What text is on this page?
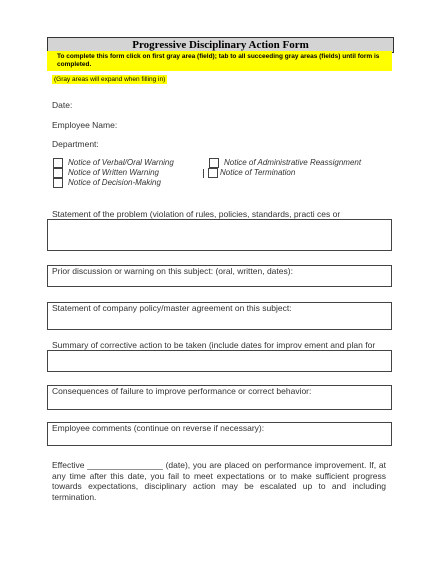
Progressive Disciplinary Action Form
To complete this form click on first gray area (field); tab to all succeeding gray areas (fields) until form is completed.
(Gray areas will expand when filling in)
Date:
Employee Name:
Department:
Notice of Verbal/Oral Warning
Notice of Written Warning
Notice of Decision-Making
Notice of Administrative Reassignment
Notice of Termination
Statement of the problem (violation of rules, policies, standards, practi ces or
Prior discussion or warning on this subject: (oral, written, dates):
Statement of company policy/master agreement on this subject:
Summary of corrective action to be taken (include dates for improv ement and plan for
Consequences of failure to improve performance or correct behavior:
Employee comments (continue on reverse if necessary):
Effective ________________ (date), you are placed on performance improvement. If, at any time after this date, you fail to meet expectations or to make sufficient progress towards expectations, disciplinary action may be escalated up to and including termination.
